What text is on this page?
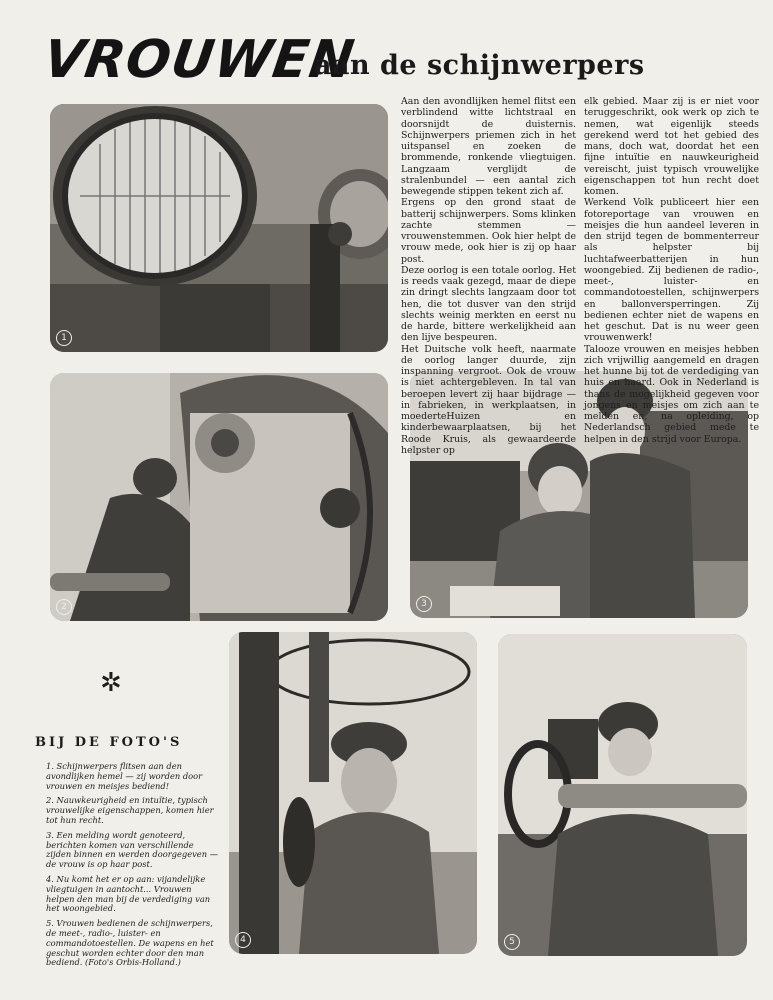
VROUWEN
aan de schijnwerpers
1
2	3
4	5

Aan den avondlijken hemel flitst een verblindend witte lichtstraal en doorsnijdt de duisternis. Schijnwerpers priemen zich in het uitspansel en zoeken de brommende, ronkende vliegtuigen. Langzaam verglijdt de stralenbundel — een aantal zich bewegende stippen tekent zich af.

Ergens op den grond staat de batterij schijnwerpers. Soms klinken zachte stemmen — vrouwenstemmen. Ook hier helpt de vrouw mede, ook hier is zij op haar post.

Deze oorlog is een totale oorlog. Het is reeds vaak gezegd, maar de diepe zin dringt slechts langzaam door tot hen, die tot dusver van den strijd slechts weinig merkten en eerst nu de harde, bittere werkelijkheid aan den lijve bespeuren.

Het Duitsche volk heeft, naarmate de oorlog langer duurde, zijn inspanning vergroot. Ook de vrouw is niet achtergebleven. In tal van beroepen levert zij haar bijdrage — in fabrieken, in werkplaatsen, in moederteHuizen en kinderbewaarplaatsen, bij het Roode Kruis, als gewaardeerde helpster op

elk gebied. Maar zij is er niet voor teruggeschrikt, ook werk op zich te nemen, wat eigenlijk steeds gerekend werd tot het gebied des mans, doch wat, doordat het een fijne intuïtie en nauwkeurigheid vereischt, juist typisch vrouwelijke eigenschappen tot hun recht doet komen.

Werkend Volk publiceert hier een fotoreportage van vrouwen en meisjes die hun aandeel leveren in den strijd tegen de bommenterreur als helpster bij luchtafweerbatterijen in hun woongebied. Zij bedienen de radio-, meet-, luister- en commandotoestellen, schijnwerpers en ballonversperringen. Zij bedienen echter niet de wapens en het geschut. Dat is nu weer geen vrouwenwerk!

Talooze vrouwen en meisjes hebben zich vrijwillig aangemeld en dragen het hunne bij tot de verdediging van huis en haard. Ook in Nederland is thans de mogelijkheid gegeven voor jongens en meisjes om zich aan te melden en, na opleiding, op Nederlandsch gebied mede te helpen in den strijd voor Europa.

✲
BIJ DE FOTO'S

1. Schijnwerpers flitsen aan den avondlijken hemel — zij worden door vrouwen en meisjes bediend!

2. Nauwkeurigheid en intuïtie, typisch vrouwelijke eigenschappen, komen hier tot hun recht.

3. Een melding wordt genoteerd, berichten komen van verschillende zijden binnen en werden doorgegeven — de vrouw is op haar post.

4. Nu komt het er op aan: vijandelijke vliegtuigen in aantocht... Vrouwen helpen den man bij de verdediging van het woongebied.

5. Vrouwen bedienen de schijnwerpers, de meet-, radio-, luister- en commandotoestellen. De wapens en het geschut worden echter door den man bediend. (Foto's Orbis-Holland.)
